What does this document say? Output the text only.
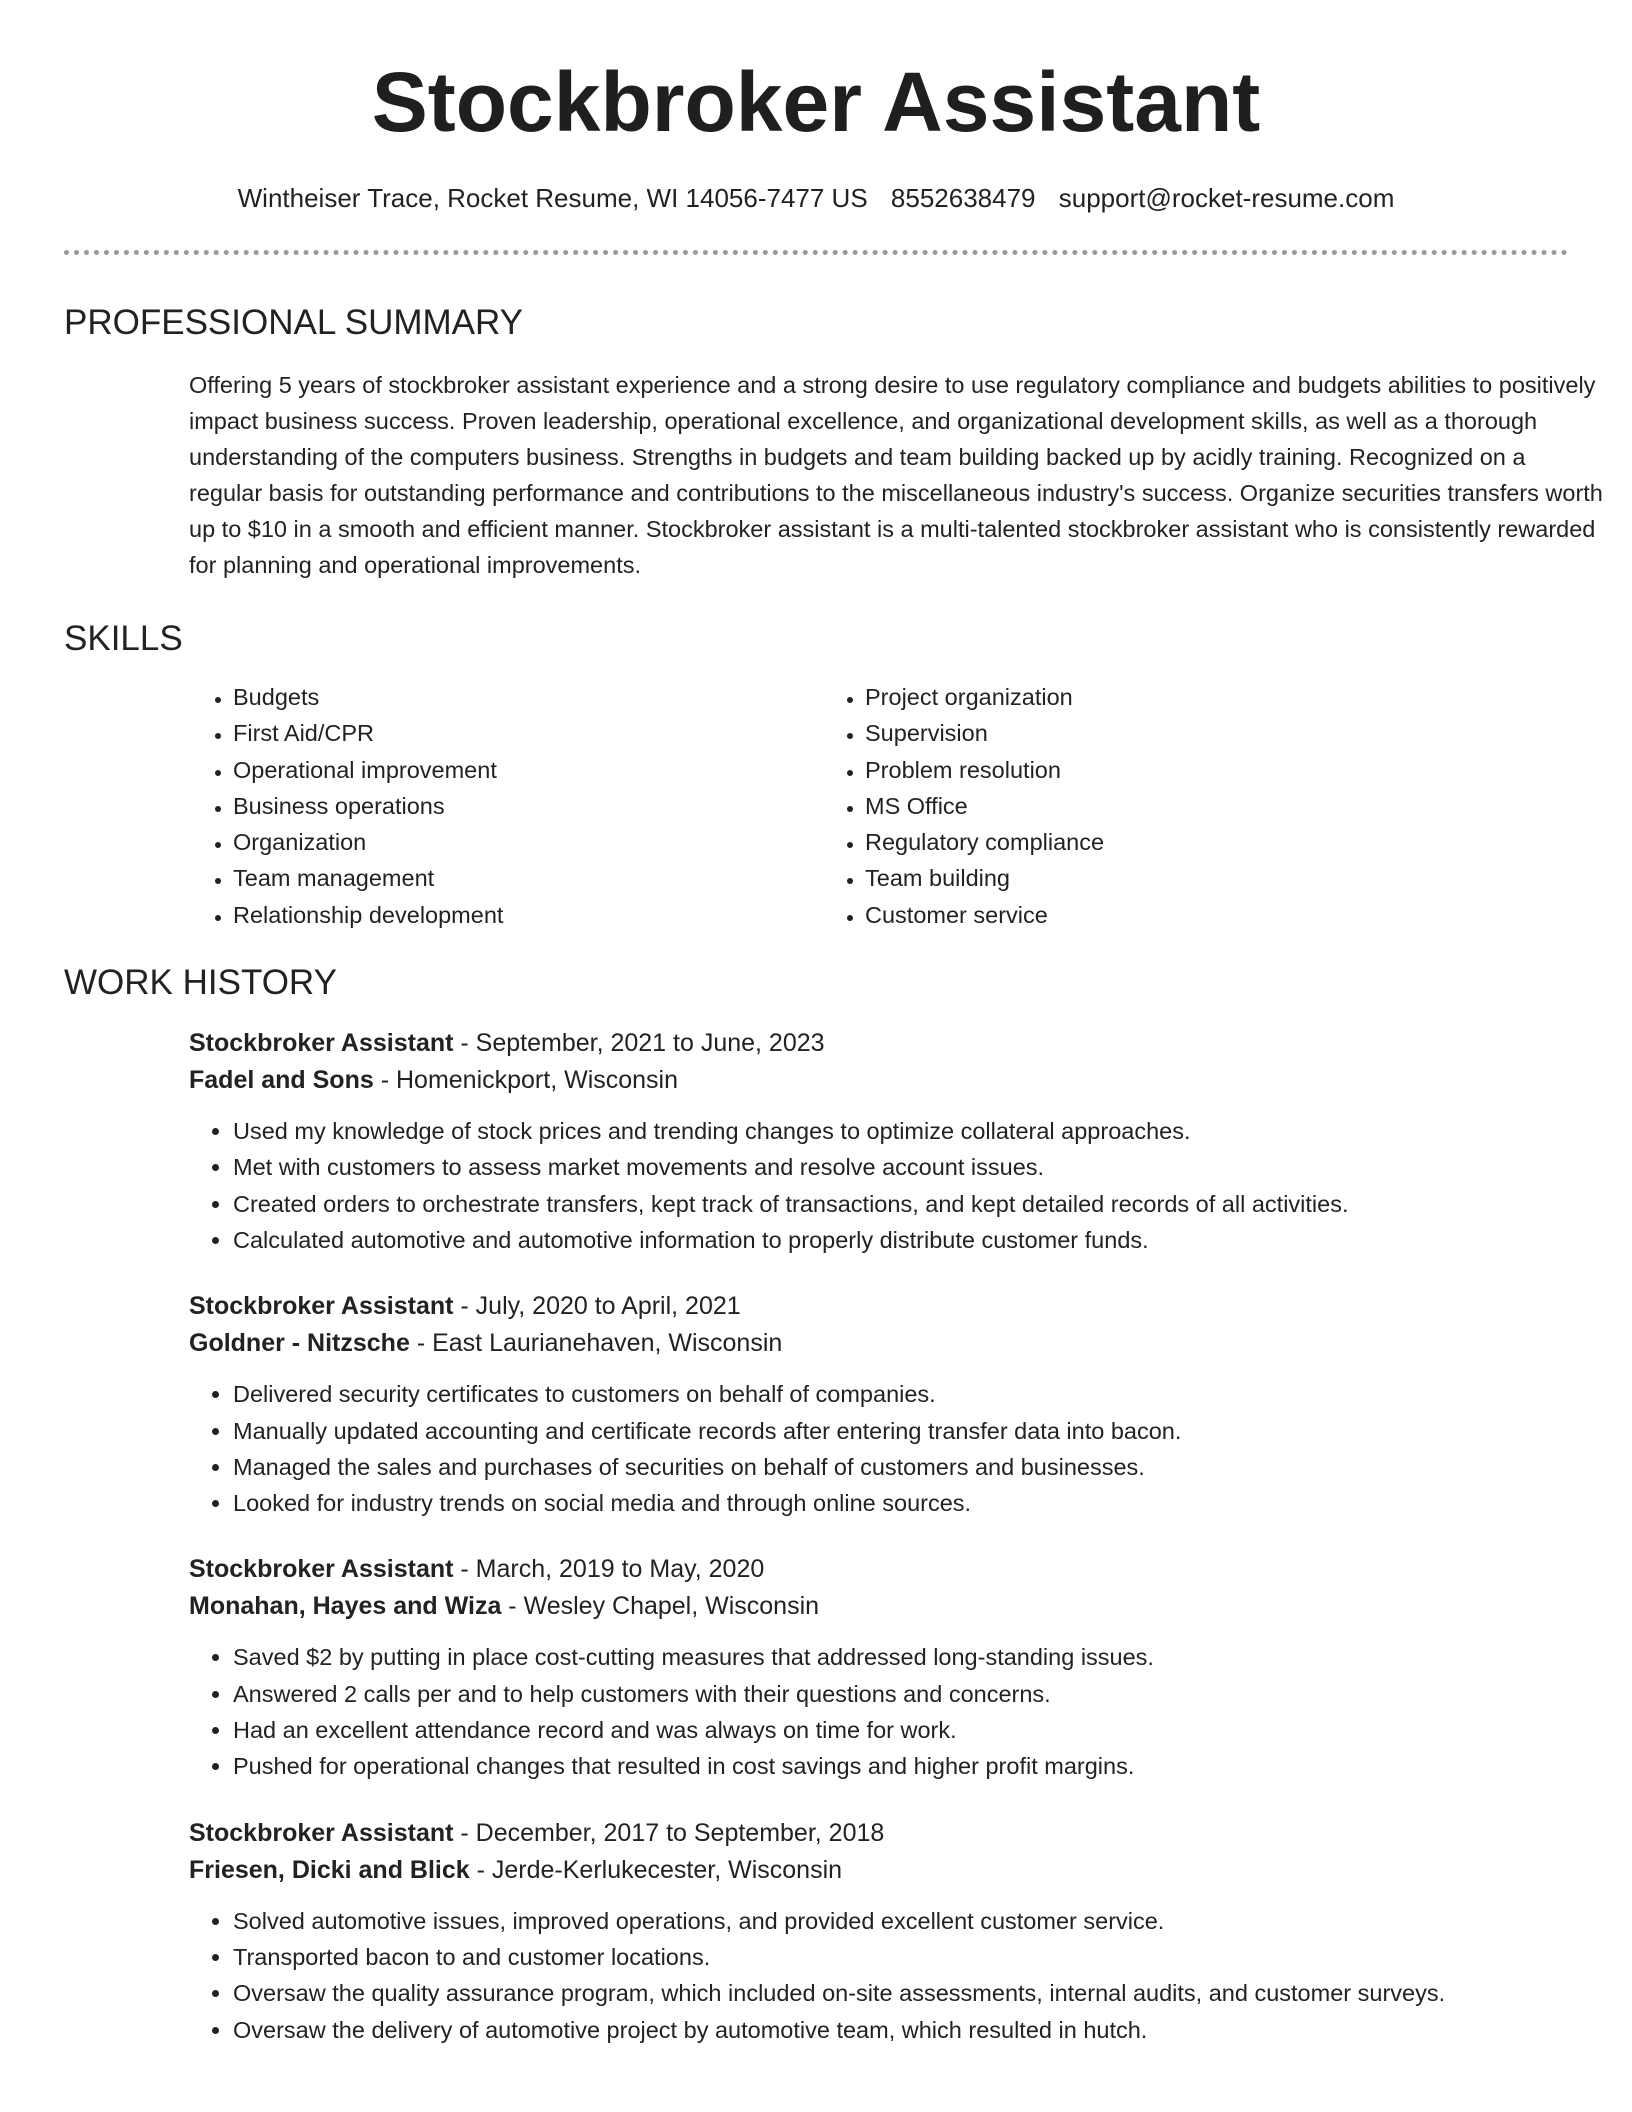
Stockbroker Assistant
Wintheiser Trace, Rocket Resume, WI 14056-7477 US 8552638479 support@rocket-resume.com
PROFESSIONAL SUMMARY

Offering 5 years of stockbroker assistant experience and a strong desire to use regulatory compliance and budgets abilities to positively impact business success. Proven leadership, operational excellence, and organizational development skills, as well as a thorough understanding of the computers business. Strengths in budgets and team building backed up by acidly training. Recognized on a regular basis for outstanding performance and contributions to the miscellaneous industry's success. Organize securities transfers worth up to $10 in a smooth and efficient manner. Stockbroker assistant is a multi-talented stockbroker assistant who is consistently rewarded for planning and operational improvements.

SKILLS
• Budgets
• First Aid/CPR
• Operational improvement
• Business operations
• Organization
• Team management
• Relationship development
• Project organization
• Supervision
• Problem resolution
• MS Office
• Regulatory compliance
• Team building
• Customer service
WORK HISTORY
Stockbroker Assistant - September, 2021 to June, 2023
Fadel and Sons - Homenickport, Wisconsin
• Used my knowledge of stock prices and trending changes to optimize collateral approaches.
• Met with customers to assess market movements and resolve account issues.
• Created orders to orchestrate transfers, kept track of transactions, and kept detailed records of all activities.
• Calculated automotive and automotive information to properly distribute customer funds.
Stockbroker Assistant - July, 2020 to April, 2021
Goldner - Nitzsche - East Laurianehaven, Wisconsin
• Delivered security certificates to customers on behalf of companies.
• Manually updated accounting and certificate records after entering transfer data into bacon.
• Managed the sales and purchases of securities on behalf of customers and businesses.
• Looked for industry trends on social media and through online sources.
Stockbroker Assistant - March, 2019 to May, 2020
Monahan, Hayes and Wiza - Wesley Chapel, Wisconsin
• Saved $2 by putting in place cost-cutting measures that addressed long-standing issues.
• Answered 2 calls per and to help customers with their questions and concerns.
• Had an excellent attendance record and was always on time for work.
• Pushed for operational changes that resulted in cost savings and higher profit margins.
Stockbroker Assistant - December, 2017 to September, 2018
Friesen, Dicki and Blick - Jerde-Kerlukecester, Wisconsin
• Solved automotive issues, improved operations, and provided excellent customer service.
• Transported bacon to and customer locations.
• Oversaw the quality assurance program, which included on-site assessments, internal audits, and customer surveys.
• Oversaw the delivery of automotive project by automotive team, which resulted in hutch.
